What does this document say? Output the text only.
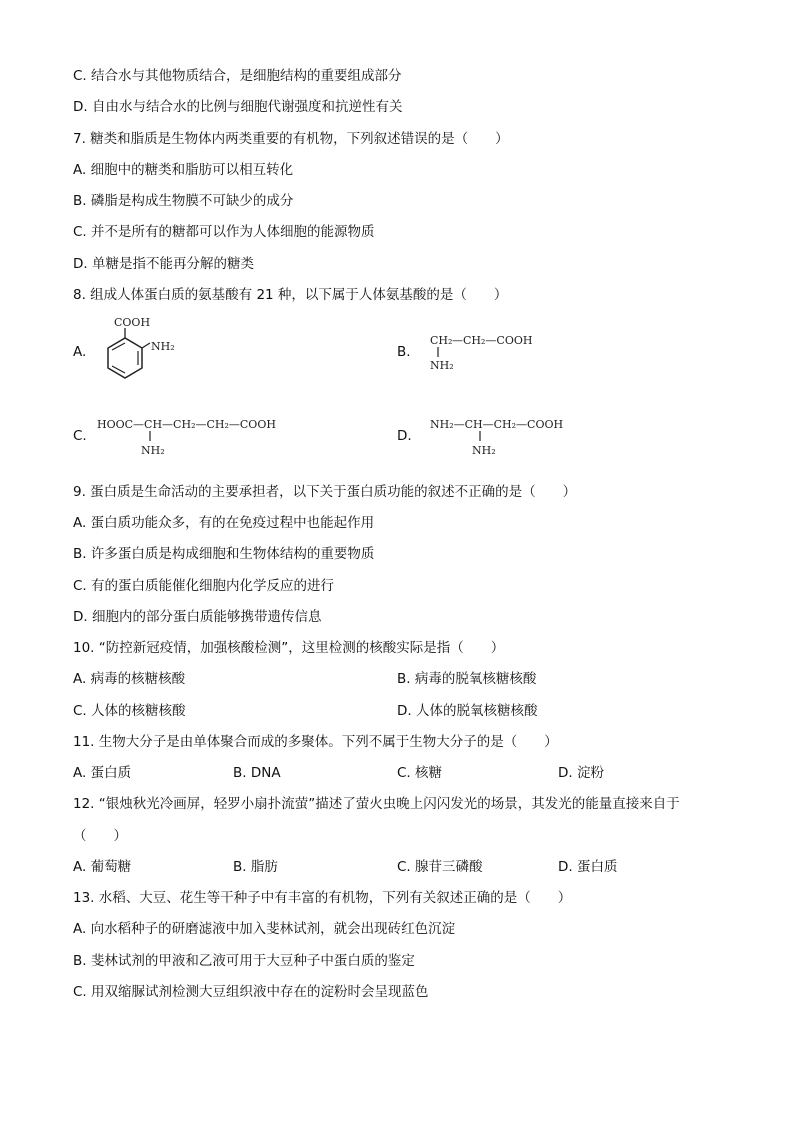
C. 结合水与其他物质结合，是细胞结构的重要组成部分
D. 自由水与结合水的比例与细胞代谢强度和抗逆性有关
7. 糖类和脂质是生物体内两类重要的有机物，下列叙述错误的是（　　）
A. 细胞中的糖类和脂肪可以相互转化
B. 磷脂是构成生物膜不可缺少的成分
C. 并不是所有的糖都可以作为人体细胞的能源物质
D. 单糖是指不能再分解的糖类
8. 组成人体蛋白质的氨基酸有 21 种，以下属于人体氨基酸的是（　　）
A.
COOH
NH₂	B.
CH₂ —CH₂—COOH
NH₂
C.
HOOC—CH—CH₂—CH₂—COOH
NH₂
D.
NH₂—CH—CH₂—COOH
NH₂
9. 蛋白质是生命活动的主要承担者，以下关于蛋白质功能的叙述不正确的是（　　）
A. 蛋白质功能众多，有的在免疫过程中也能起作用
B. 许多蛋白质是构成细胞和生物体结构的重要物质
C. 有的蛋白质能催化细胞内化学反应的进行
D. 细胞内的部分蛋白质能够携带遗传信息
10. “防控新冠疫情，加强核酸检测”，这里检测的核酸实际是指（　　）
A. 病毒的核糖核酸	B. 病毒的脱氧核糖核酸
C. 人体的核糖核酸	D. 人体的脱氧核糖核酸
11. 生物大分子是由单体聚合而成的多聚体。下列不属于生物大分子的是（　　）
A. 蛋白质	B. DNA	C. 核糖	D. 淀粉
12. “银烛秋光冷画屏，轻罗小扇扑流萤”描述了萤火虫晚上闪闪发光的场景，其发光的能量直接来自于
（　　）
A. 葡萄糖	B. 脂肪	C. 腺苷三磷酸	D. 蛋白质
13. 水稻、大豆、花生等干种子中有丰富的有机物，下列有关叙述正确的是（　　）
A. 向水稻种子的研磨滤液中加入斐林试剂，就会出现砖红色沉淀
B. 斐林试剂的甲液和乙液可用于大豆种子中蛋白质的鉴定
C. 用双缩脲试剂检测大豆组织液中存在的淀粉时会呈现蓝色
